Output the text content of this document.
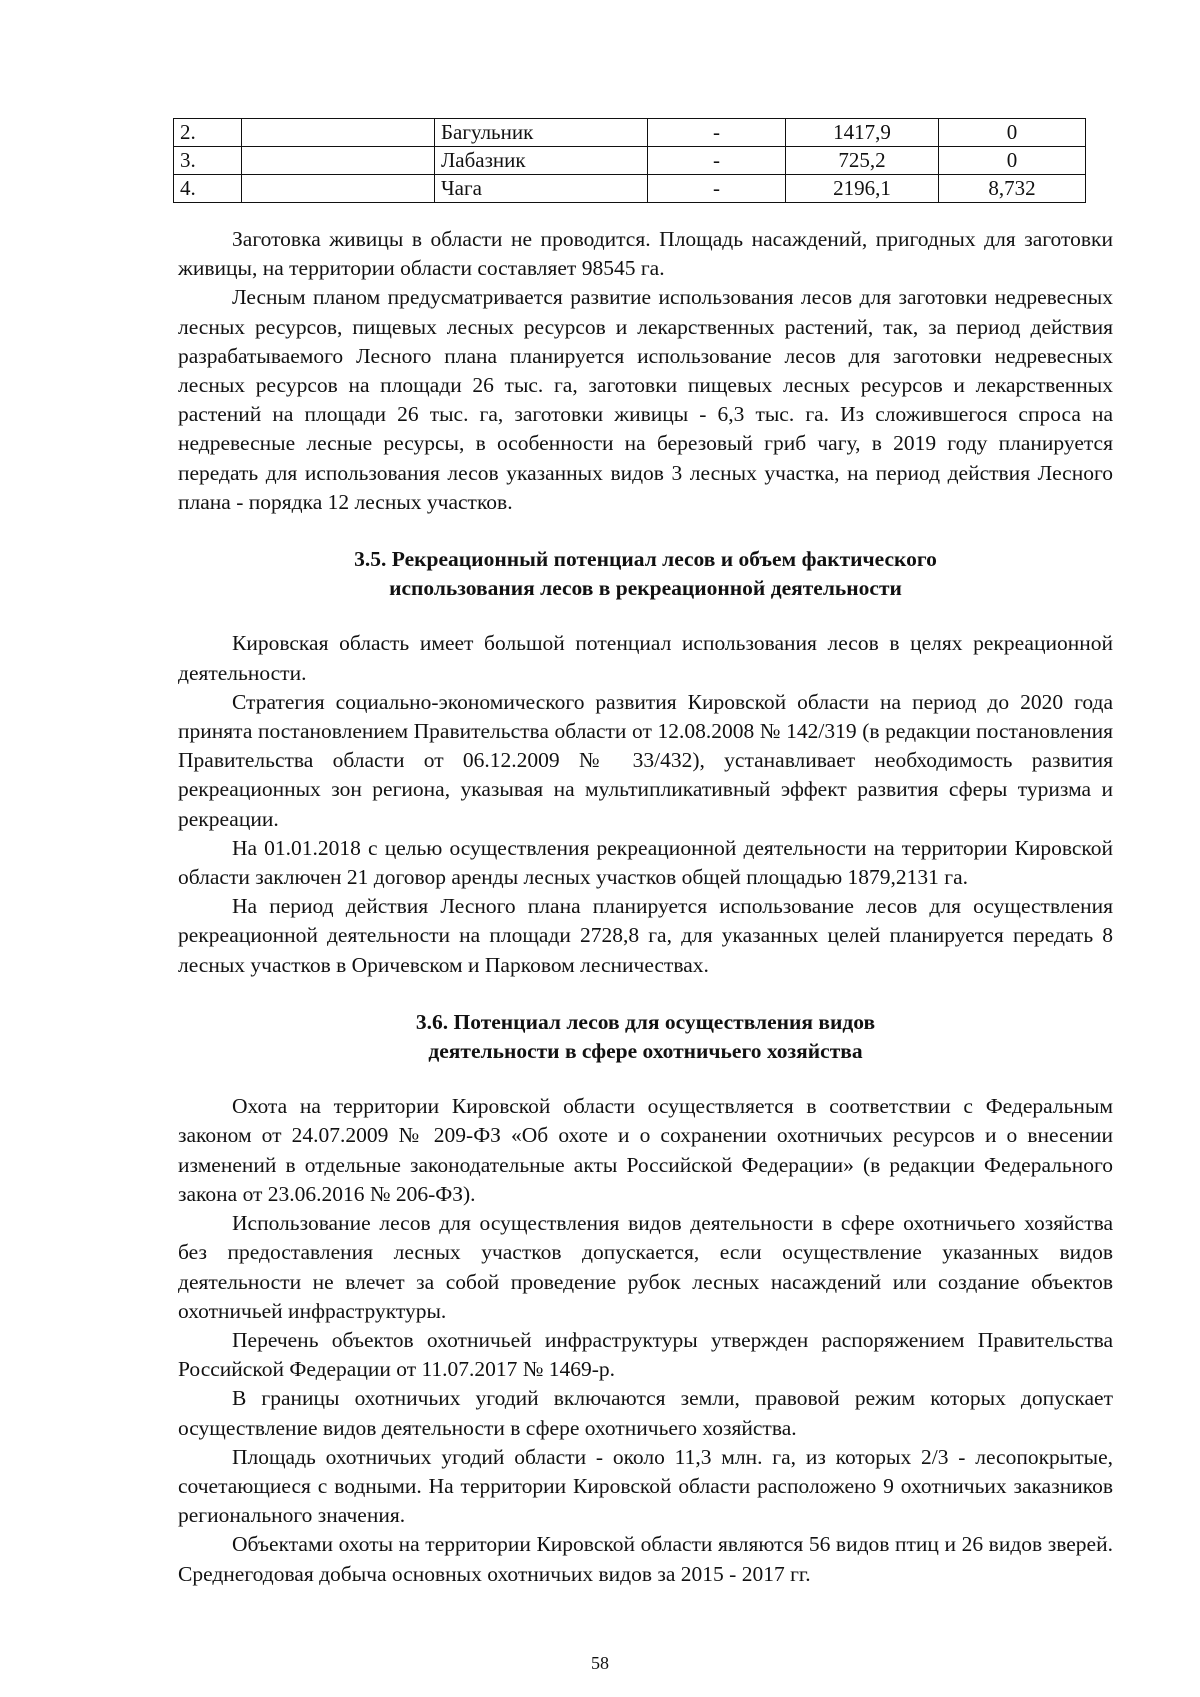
2.		Багульник	-	1417,9	0
3.		Лабазник	-	725,2	0
4.		Чага	-	2196,1	8,732

Заготовка живицы в области не проводится. Площадь насаждений, пригодных для заготовки живицы, на территории области составляет 98545 га.

Лесным планом предусматривается развитие использования лесов для заготовки недревесных лесных ресурсов, пищевых лесных ресурсов и лекарственных растений, так, за период действия разрабатываемого Лесного плана планируется использование лесов для заготовки недревесных лесных ресурсов на площади 26 тыс. га, заготовки пищевых лесных ресурсов и лекарственных растений на площади 26 тыс. га, заготовки живицы - 6,3 тыс. га. Из сложившегося спроса на недревесные лесные ресурсы, в особенности на березовый гриб чагу, в 2019 году планируется передать для использования лесов указанных видов 3 лесных участка, на период действия Лесного плана - порядка 12 лесных участков.

3.5. Рекреационный потенциал лесов и объем фактического
использования лесов в рекреационной деятельности

Кировская область имеет большой потенциал использования лесов в целях рекреационной деятельности.

Стратегия социально-экономического развития Кировской области на период до 2020 года принята постановлением Правительства области от 12.08.2008 № 142/319 (в редакции постановления Правительства области от 06.12.2009 № 33/432), устанавливает необходимость развития рекреационных зон региона, указывая на мультипликативный эффект развития сферы туризма и рекреации.

На 01.01.2018 с целью осуществления рекреационной деятельности на территории Кировской области заключен 21 договор аренды лесных участков общей площадью 1879,2131 га.

На период действия Лесного плана планируется использование лесов для осуществления рекреационной деятельности на площади 2728,8 га, для указанных целей планируется передать 8 лесных участков в Оричевском и Парковом лесничествах.

3.6. Потенциал лесов для осуществления видов
деятельности в сфере охотничьего хозяйства

Охота на территории Кировской области осуществляется в соответствии с Федеральным законом от 24.07.2009 № 209-ФЗ «Об охоте и о сохранении охотничьих ресурсов и о внесении изменений в отдельные законодательные акты Российской Федерации» (в редакции Федерального закона от 23.06.2016 № 206-ФЗ).

Использование лесов для осуществления видов деятельности в сфере охотничьего хозяйства без предоставления лесных участков допускается, если осуществление указанных видов деятельности не влечет за собой проведение рубок лесных насаждений или создание объектов охотничьей инфраструктуры.

Перечень объектов охотничьей инфраструктуры утвержден распоряжением Правительства Российской Федерации от 11.07.2017 № 1469-р.

В границы охотничьих угодий включаются земли, правовой режим которых допускает осуществление видов деятельности в сфере охотничьего хозяйства.

Площадь охотничьих угодий области - около 11,3 млн. га, из которых 2/3 - лесопокрытые, сочетающиеся с водными. На территории Кировской области расположено 9 охотничьих заказников регионального значения.

Объектами охоты на территории Кировской области являются 56 видов птиц и 26 видов зверей. Среднегодовая добыча основных охотничьих видов за 2015 - 2017 гг.

58
